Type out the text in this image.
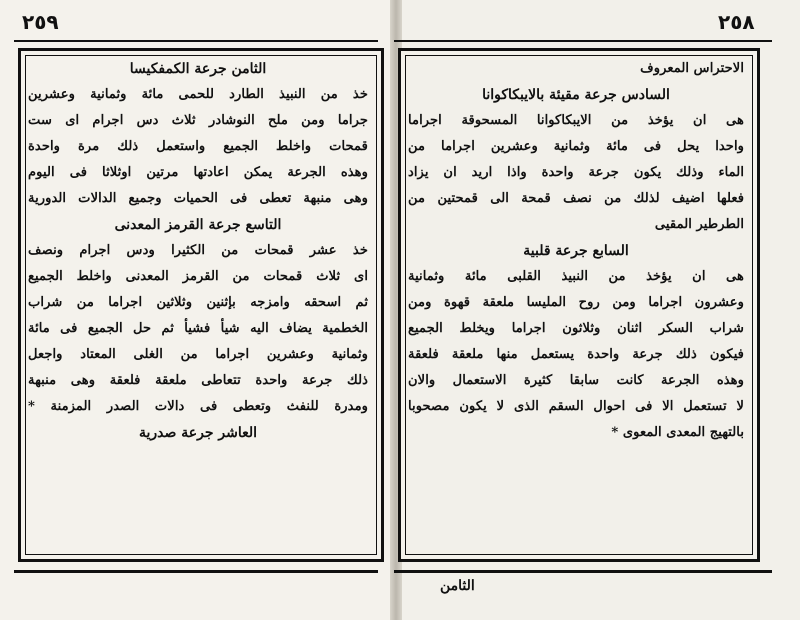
٢٥٩	٢٥٨
الثامن جرعة الكمفكيسا
خذ من النبيذ الطارد للحمى مائة وثمانية وعشرين
جراما ومن ملح النوشادر ثلاث دس اجرام اى ست
قمحات واخلط الجميع واستعمل ذلك مرة واحدة
وهذه الجرعة يمكن اعادتها مرتين اوثلاثا فى اليوم
وهى منبهة تعطى فى الحميات وجميع الدالات الدورية
التاسع جرعة القرمز المعدنى
خذ عشر قمحات من الكثيرا ودس اجرام ونصف
اى ثلاث قمحات من القرمز المعدنى واخلط الجميع
ثم اسحقه وامزجه بإثنين وثلاثين اجراما من شراب
الخطمية يضاف اليه شيأ فشيأ ثم حل الجميع فى مائة
وثمانية وعشرين اجراما من الغلى المعتاد واجعل
ذلك جرعة واحدة تتعاطى ملعقة فلعقة وهى منبهة
ومدرة للنفث وتعطى فى دالات الصدر المزمنة *
العاشر جرعة صدرية
الاحتراس المعروف
السادس جرعة مقيئة بالايبكاكوانا
هى ان يؤخذ من الايبكاكوانا المسحوقة اجراما
واحدا يحل فى مائة وثمانية وعشرين اجراما من
الماء وذلك يكون جرعة واحدة واذا اريد ان يزاد
فعلها اضيف لذلك من نصف قمحة الى قمحتين من
الطرطير المقيى
السابع جرعة قلبية
هى ان يؤخذ من النبيذ القلبى مائة وثمانية
وعشرون اجراما ومن روح المليسا ملعقة قهوة ومن
شراب السكر اثنان وثلاثون اجراما ويخلط الجميع
فيكون ذلك جرعة واحدة يستعمل منها ملعقة فلعقة
وهذه الجرعة كانت سابقا كثيرة الاستعمال والان
لا تستعمل الا فى احوال السقم الذى لا يكون مصحوبا
بالتهيج المعدى المعوى *
الثامن
